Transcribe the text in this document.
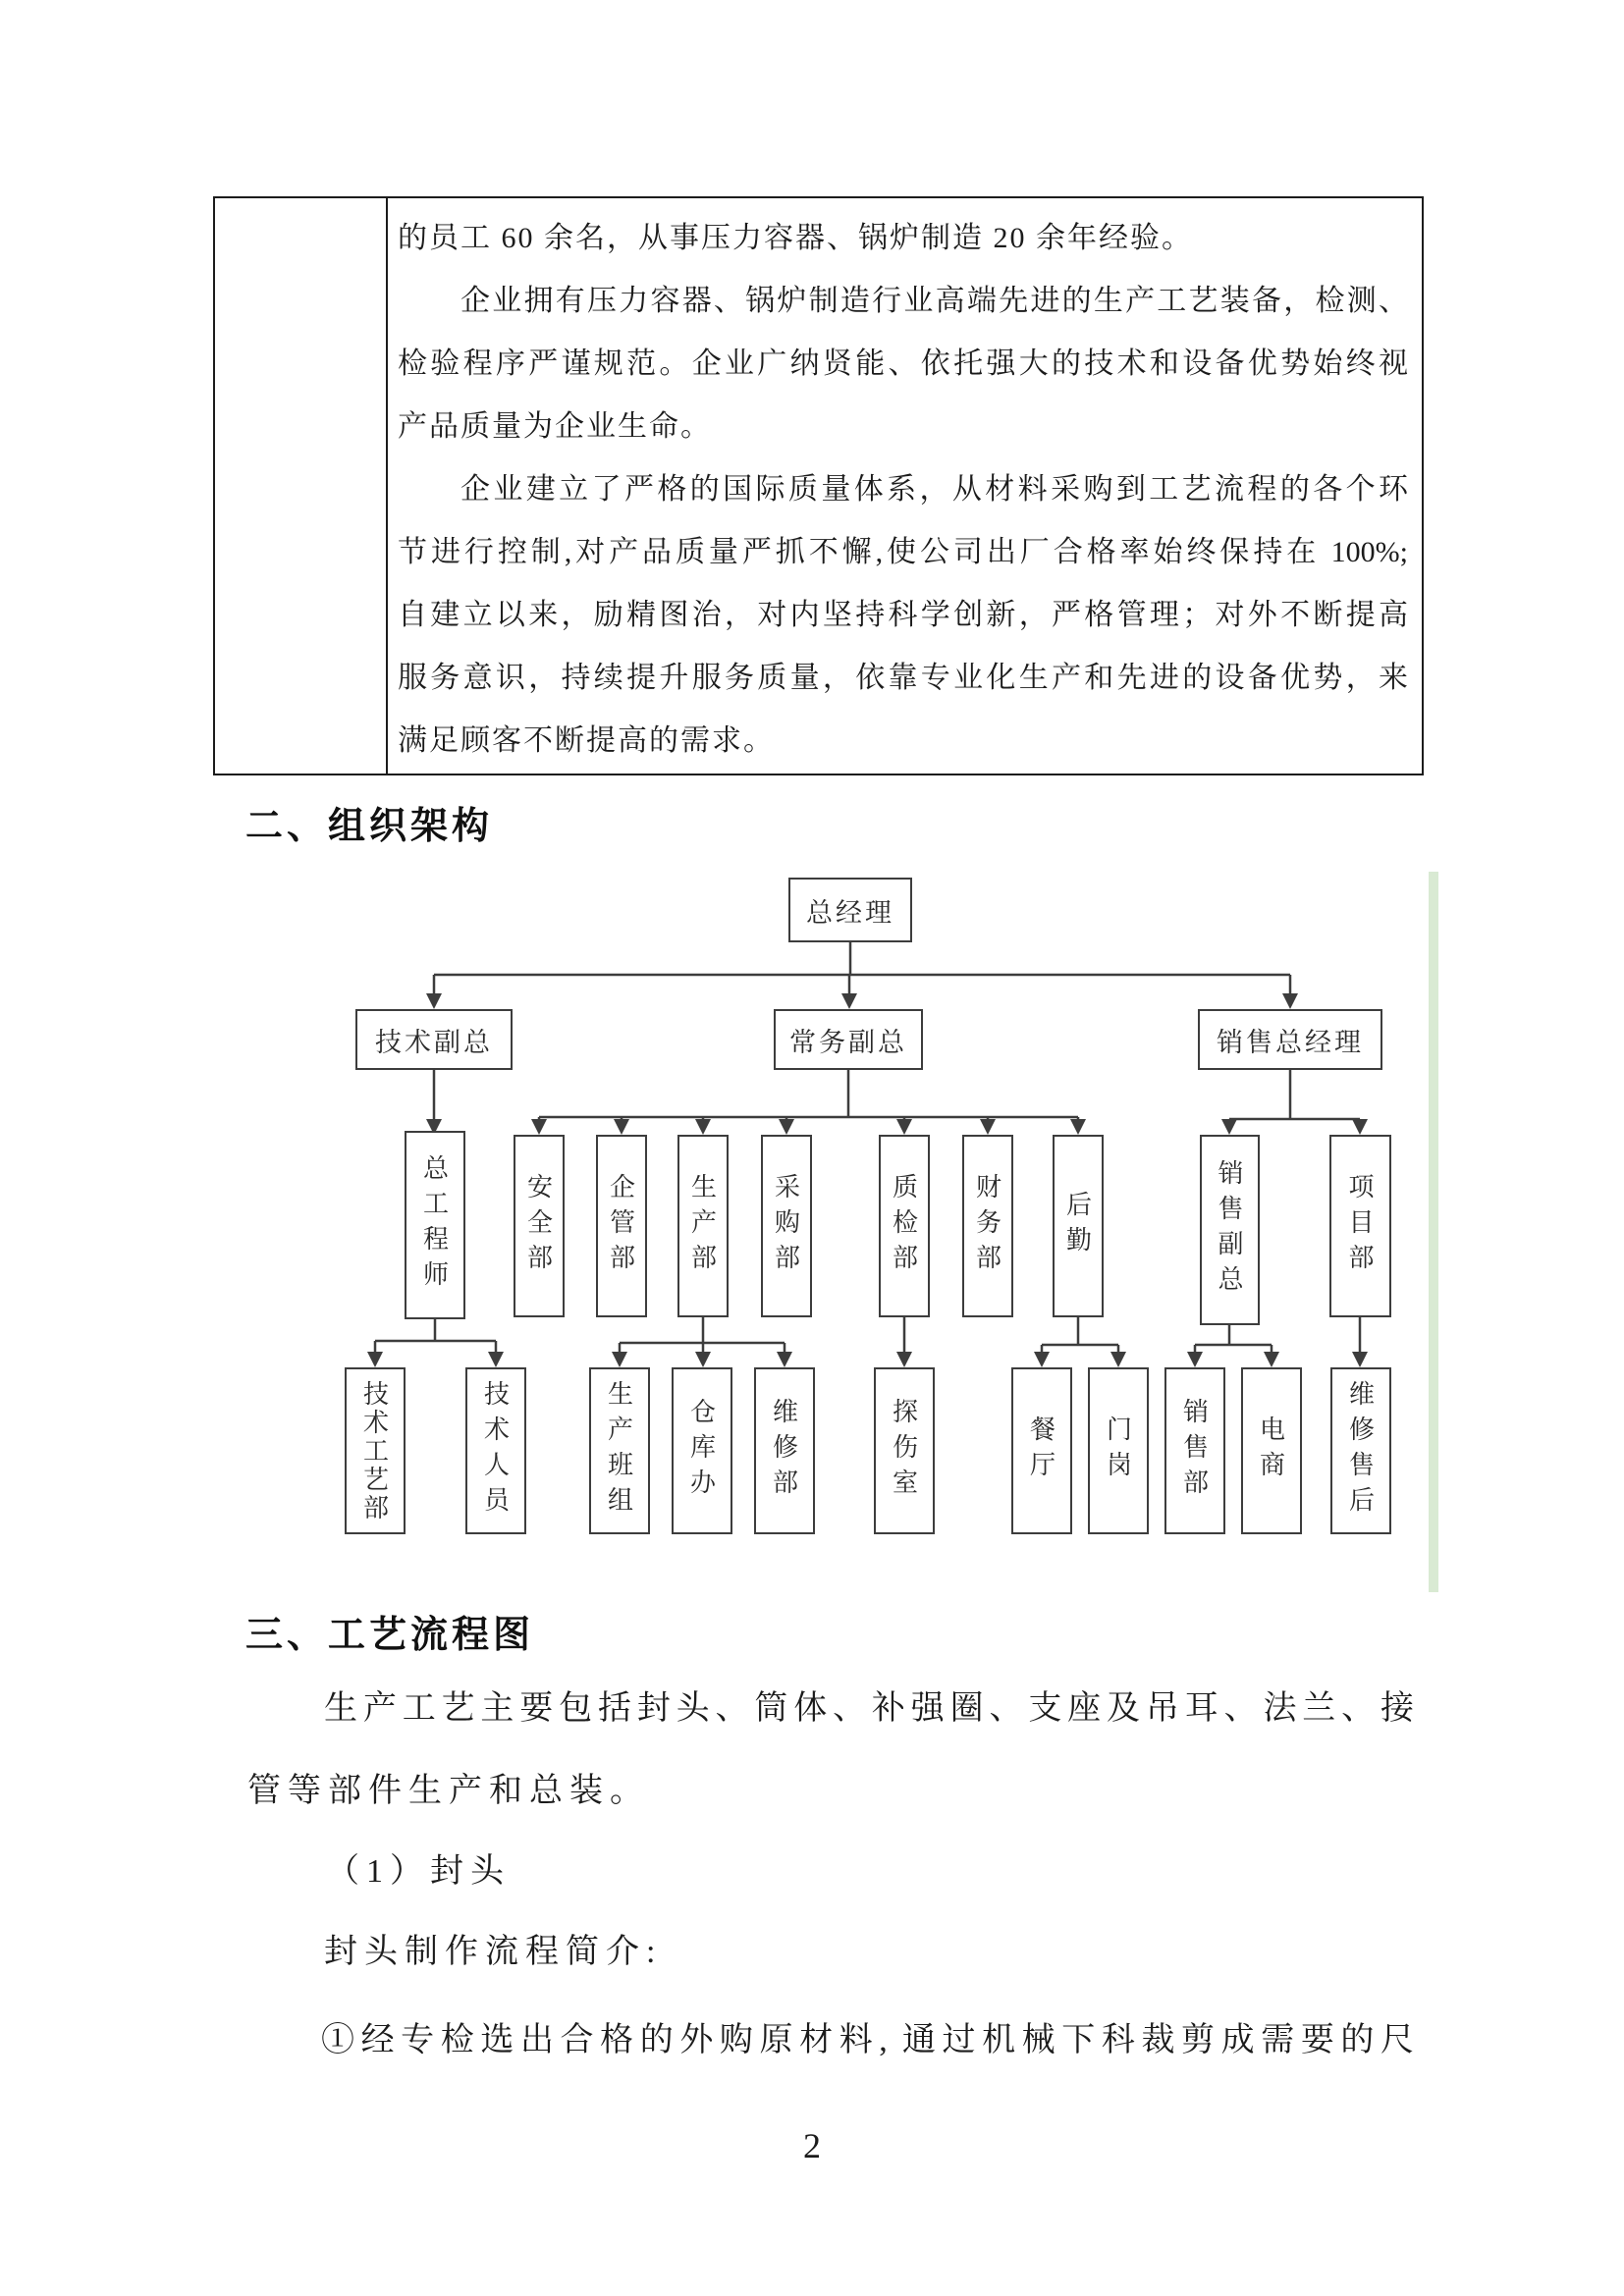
的员工 60 余名，从事压力容器、锅炉制造 20 余年经验。
企业拥有压力容器、锅炉制造行业高端先进的生产工艺装备，检测、
检验程序严谨规范。企业广纳贤能、依托强大的技术和设备优势始终视
产品质量为企业生命。
企业建立了严格的国际质量体系，从材料采购到工艺流程的各个环
节进行控制,对产品质量严抓不懈,使公司出厂合格率始终保持在 100%;
自建立以来，励精图治，对内坚持科学创新，严格管理；对外不断提高
服务意识，持续提升服务质量，依靠专业化生产和先进的设备优势，来
满足顾客不断提高的需求。
二、组织架构
总经理
技术副总	常务副总	销售总经理
总工程师	安全部	企管部	生产部	采购部	质检部	财务部	后勤	销售副总	项目部
技术工艺部	技术人员	生产班组	仓库办	维修部	探伤室	餐厅	门岗	销售部	电商	维修售后
三、工艺流程图
生产工艺主要包括封头、筒体、补强圈、支座及吊耳、法兰、接
管等部件生产和总装。
（1）封头
封头制作流程简介:
①经专检选出合格的外购原材料, 通过机械下科裁剪成需要的尺
2
